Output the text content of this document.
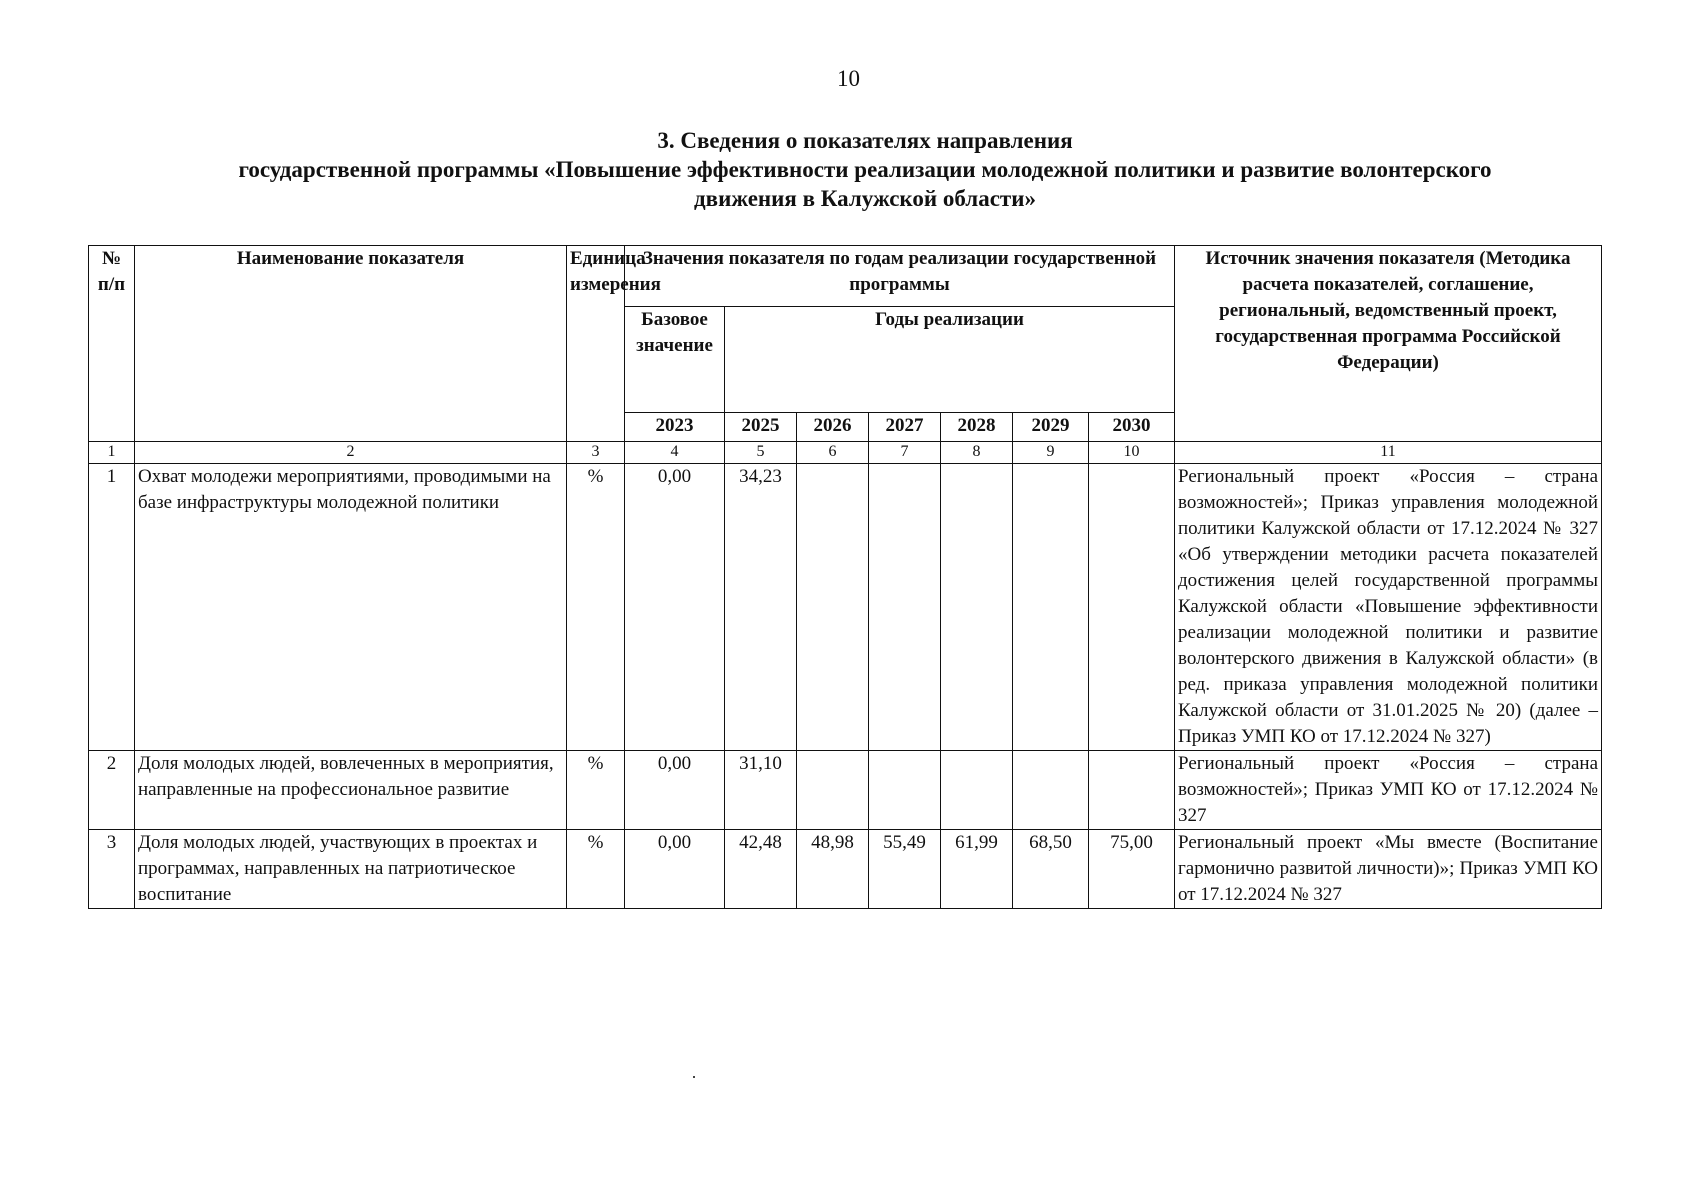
10
3. Сведения о показателях направления
государственной программы «Повышение эффективности реализации молодежной политики и развитие волонтерского
движения в Калужской области»
№ п/п	Наименование показателя	Единица измерения	Значения показателя по годам реализации государственной программы							Источник значения показателя (Методика расчета показателей, соглашение, региональный, ведомственный проект, государственная программа Российской Федерации)
			Базовое значение	Годы реализации						
			2023	2025	2026	2027	2028	2029	2030	
1	2	3	4	5	6	7	8	9	10	11
1	Охват молодежи мероприятиями, проводимыми на базе инфраструктуры молодежной политики	%	0,00	34,23						Региональный проект «Россия – страна возможностей»; Приказ управления молодежной политики Калужской области от 17.12.2024 № 327 «Об утверждении методики расчета показателей достижения целей государственной программы Калужской области «Повышение эффективности реализации молодежной политики и развитие волонтерского движения в Калужской области» (в ред. приказа управления молодежной политики Калужской области от 31.01.2025 № 20) (далее – Приказ УМП КО от 17.12.2024 № 327)
2	Доля молодых людей, вовлеченных в мероприятия, направленные на профессиональное развитие	%	0,00	31,10						Региональный проект «Россия – страна возможностей»; Приказ УМП КО от 17.12.2024 № 327
3	Доля молодых людей, участвующих в проектах и программах, направленных на патриотическое воспитание	%	0,00	42,48	48,98	55,49	61,99	68,50	75,00	Региональный проект «Мы вместе (Воспитание гармонично развитой личности)»; Приказ УМП КО от 17.12.2024 № 327
